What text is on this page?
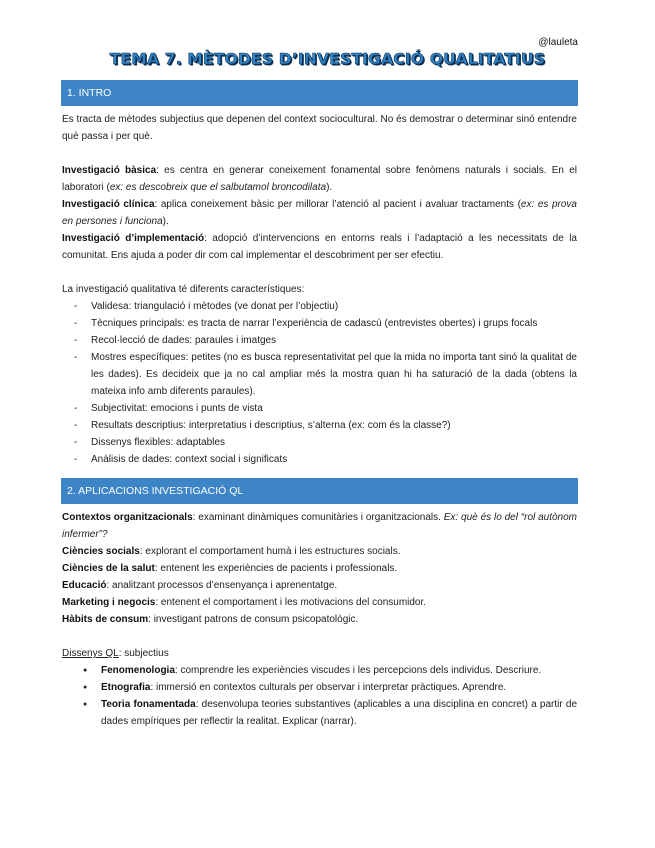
@lauleta
TEMA 7. MÈTODES D’INVESTIGACIÓ QUALITATIUS
1. INTRO

Es tracta de mètodes subjectius que depenen del context sociocultural. No és demostrar o determinar sinó entendre què passa i per què.

Investigació bàsica: es centra en generar coneixement fonamental sobre fenòmens naturals i socials. En el laboratori (ex: es descobreix que el salbutamol broncodilata).

Investigació clínica: aplica coneixement bàsic per millorar l’atenció al pacient i avaluar tractaments (ex: es prova en persones i funciona).

Investigació d’implementació: adopció d’intervencions en entorns reals i l’adaptació a les necessitats de la comunitat. Ens ajuda a poder dir com cal implementar el descobriment per ser efectiu.

La investigació qualitativa té diferents característiques:

- Validesa: triangulació i mètodes (ve donat per l’objectiu)
- Tècniques principals: es tracta de narrar l’experiència de cadascú (entrevistes obertes) i grups focals
- Recol·lecció de dades: paraules i imatges
- Mostres específiques: petites (no es busca representativitat pel que la mida no importa tant sinó la qualitat de les dades). Es decideix que ja no cal ampliar més la mostra quan hi ha saturació de la dada (obtens la mateixa info amb diferents paraules).
- Subjectivitat: emocions i punts de vista
- Resultats descriptius: interpretatius i descriptius, s’alterna (ex: com és la classe?)
- Dissenys flexibles: adaptables
- Anàlisis de dades: context social i significats
2. APLICACIONS INVESTIGACIÓ QL

Contextos organitzacionals: examinant dinàmiques comunitàries i organitzacionals. Ex: què és lo del “rol autònom infermer”?

Ciències socials: explorant el comportament humà i les estructures socials.

Ciències de la salut: entenent les experiències de pacients i professionals.

Educació: analitzant processos d’ensenyança i aprenentatge.

Marketing i negocis: entenent el comportament i les motivacions del consumidor.

Hàbits de consum: investigant patrons de consum psicopatològic.

Dissenys QL: subjectius

● Fenomenologia: comprendre les experiències viscudes i les percepcions dels individus. Descriure.
● Etnografia: immersió en contextos culturals per observar i interpretar pràctiques. Aprendre.
● Teoria fonamentada: desenvolupa teories substantives (aplicables a una disciplina en concret) a partir de dades empíriques per reflectir la realitat. Explicar (narrar).
